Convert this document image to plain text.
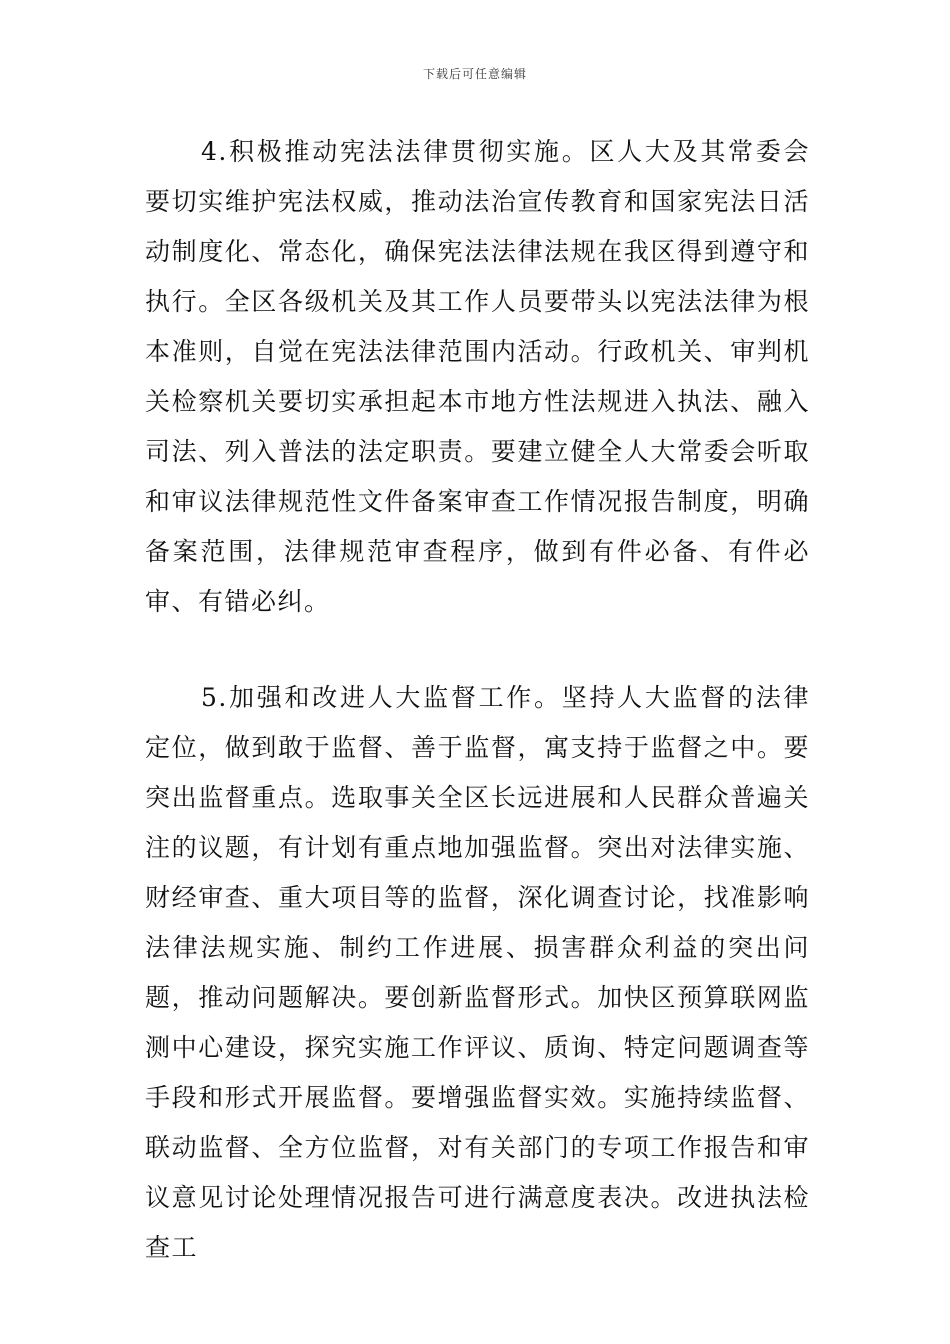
下载后可任意编辑

4.积极推动宪法法律贯彻实施。区人大及其常委会要切实维护宪法权威，推动法治宣传教育和国家宪法日活动制度化、常态化，确保宪法法律法规在我区得到遵守和执行。全区各级机关及其工作人员要带头以宪法法律为根本准则，自觉在宪法法律范围内活动。行政机关、审判机关检察机关要切实承担起本市地方性法规进入执法、融入司法、列入普法的法定职责。要建立健全人大常委会听取和审议法律规范性文件备案审查工作情况报告制度，明确备案范围，法律规范审查程序，做到有件必备、有件必审、有错必纠。

5.加强和改进人大监督工作。坚持人大监督的法律定位，做到敢于监督、善于监督，寓支持于监督之中。要突出监督重点。选取事关全区长远进展和人民群众普遍关注的议题，有计划有重点地加强监督。突出对法律实施、财经审查、重大项目等的监督，深化调查讨论，找准影响法律法规实施、制约工作进展、损害群众利益的突出问题，推动问题解决。要创新监督形式。加快区预算联网监测中心建设，探究实施工作评议、质询、特定问题调查等手段和形式开展监督。要增强监督实效。实施持续监督、联动监督、全方位监督，对有关部门的专项工作报告和审议意见讨论处理情况报告可进行满意度表决。改进执法检查工
